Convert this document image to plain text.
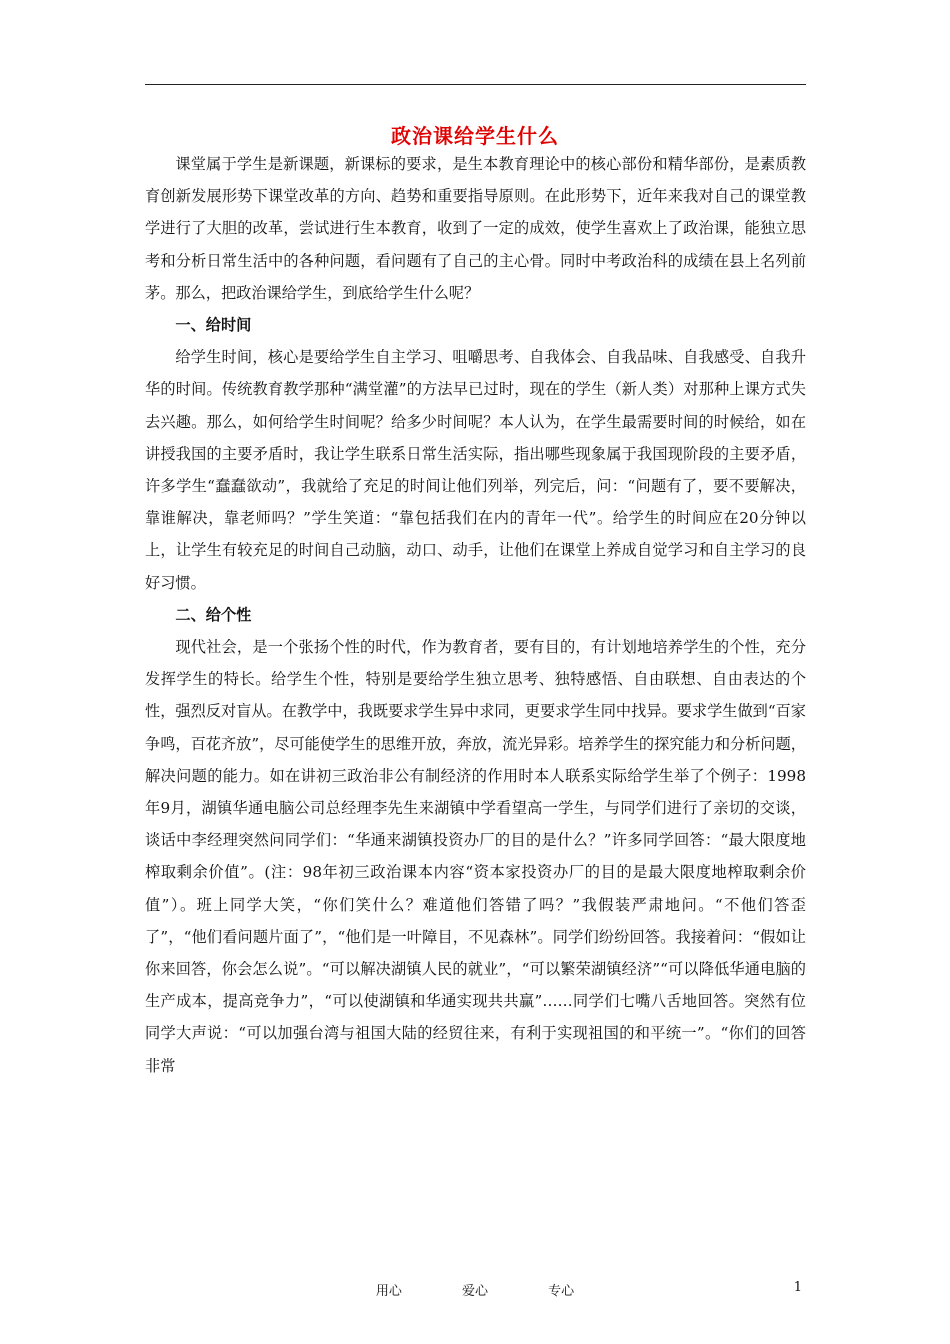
政治课给学生什么

课堂属于学生是新课题，新课标的要求，是生本教育理论中的核心部份和精华部份，是素质教育创新发展形势下课堂改革的方向、趋势和重要指导原则。在此形势下，近年来我对自己的课堂教学进行了大胆的改革，尝试进行生本教育，收到了一定的成效，使学生喜欢上了政治课，能独立思考和分析日常生活中的各种问题，看问题有了自己的主心骨。同时中考政治科的成绩在县上名列前茅。那么，把政治课给学生，到底给学生什么呢？

一、给时间

给学生时间，核心是要给学生自主学习、咀嚼思考、自我体会、自我品味、自我感受、自我升华的时间。传统教育教学那种“满堂灌”的方法早已过时，现在的学生（新人类）对那种上课方式失去兴趣。那么，如何给学生时间呢？给多少时间呢？本人认为，在学生最需要时间的时候给，如在讲授我国的主要矛盾时，我让学生联系日常生活实际，指出哪些现象属于我国现阶段的主要矛盾，许多学生“蠢蠢欲动”，我就给了充足的时间让他们列举，列完后，问：“问题有了，要不要解决，靠谁解决，靠老师吗？”学生笑道：“靠包括我们在内的青年一代”。给学生的时间应在20分钟以上，让学生有较充足的时间自己动脑，动口、动手，让他们在课堂上养成自觉学习和自主学习的良好习惯。

二、给个性

现代社会，是一个张扬个性的时代，作为教育者，要有目的，有计划地培养学生的个性，充分发挥学生的特长。给学生个性，特别是要给学生独立思考、独特感悟、自由联想、自由表达的个性，强烈反对盲从。在教学中，我既要求学生异中求同，更要求学生同中找异。要求学生做到“百家争鸣，百花齐放”，尽可能使学生的思维开放，奔放，流光异彩。培养学生的探究能力和分析问题，解决问题的能力。如在讲初三政治非公有制经济的作用时本人联系实际给学生举了个例子：1998年9月，湖镇华通电脑公司总经理李先生来湖镇中学看望高一学生，与同学们进行了亲切的交谈，谈话中李经理突然问同学们：“华通来湖镇投资办厂的目的是什么？”许多同学回答：“最大限度地榨取剩余价值”。(注：98年初三政治课本内容“资本家投资办厂的目的是最大限度地榨取剩余价值”）。班上同学大笑，“你们笑什么？难道他们答错了吗？”我假装严肃地问。“不他们答歪了”，“他们看问题片面了”，“他们是一叶障目，不见森林”。同学们纷纷回答。我接着问：“假如让你来回答，你会怎么说”。“可以解决湖镇人民的就业”，“可以繁荣湖镇经济”“可以降低华通电脑的生产成本，提高竞争力”，“可以使湖镇和华通实现共共赢”……同学们七嘴八舌地回答。突然有位同学大声说：“可以加强台湾与祖国大陆的经贸往来，有利于实现祖国的和平统一”。“你们的回答非常

用心	爱心	专心	1
